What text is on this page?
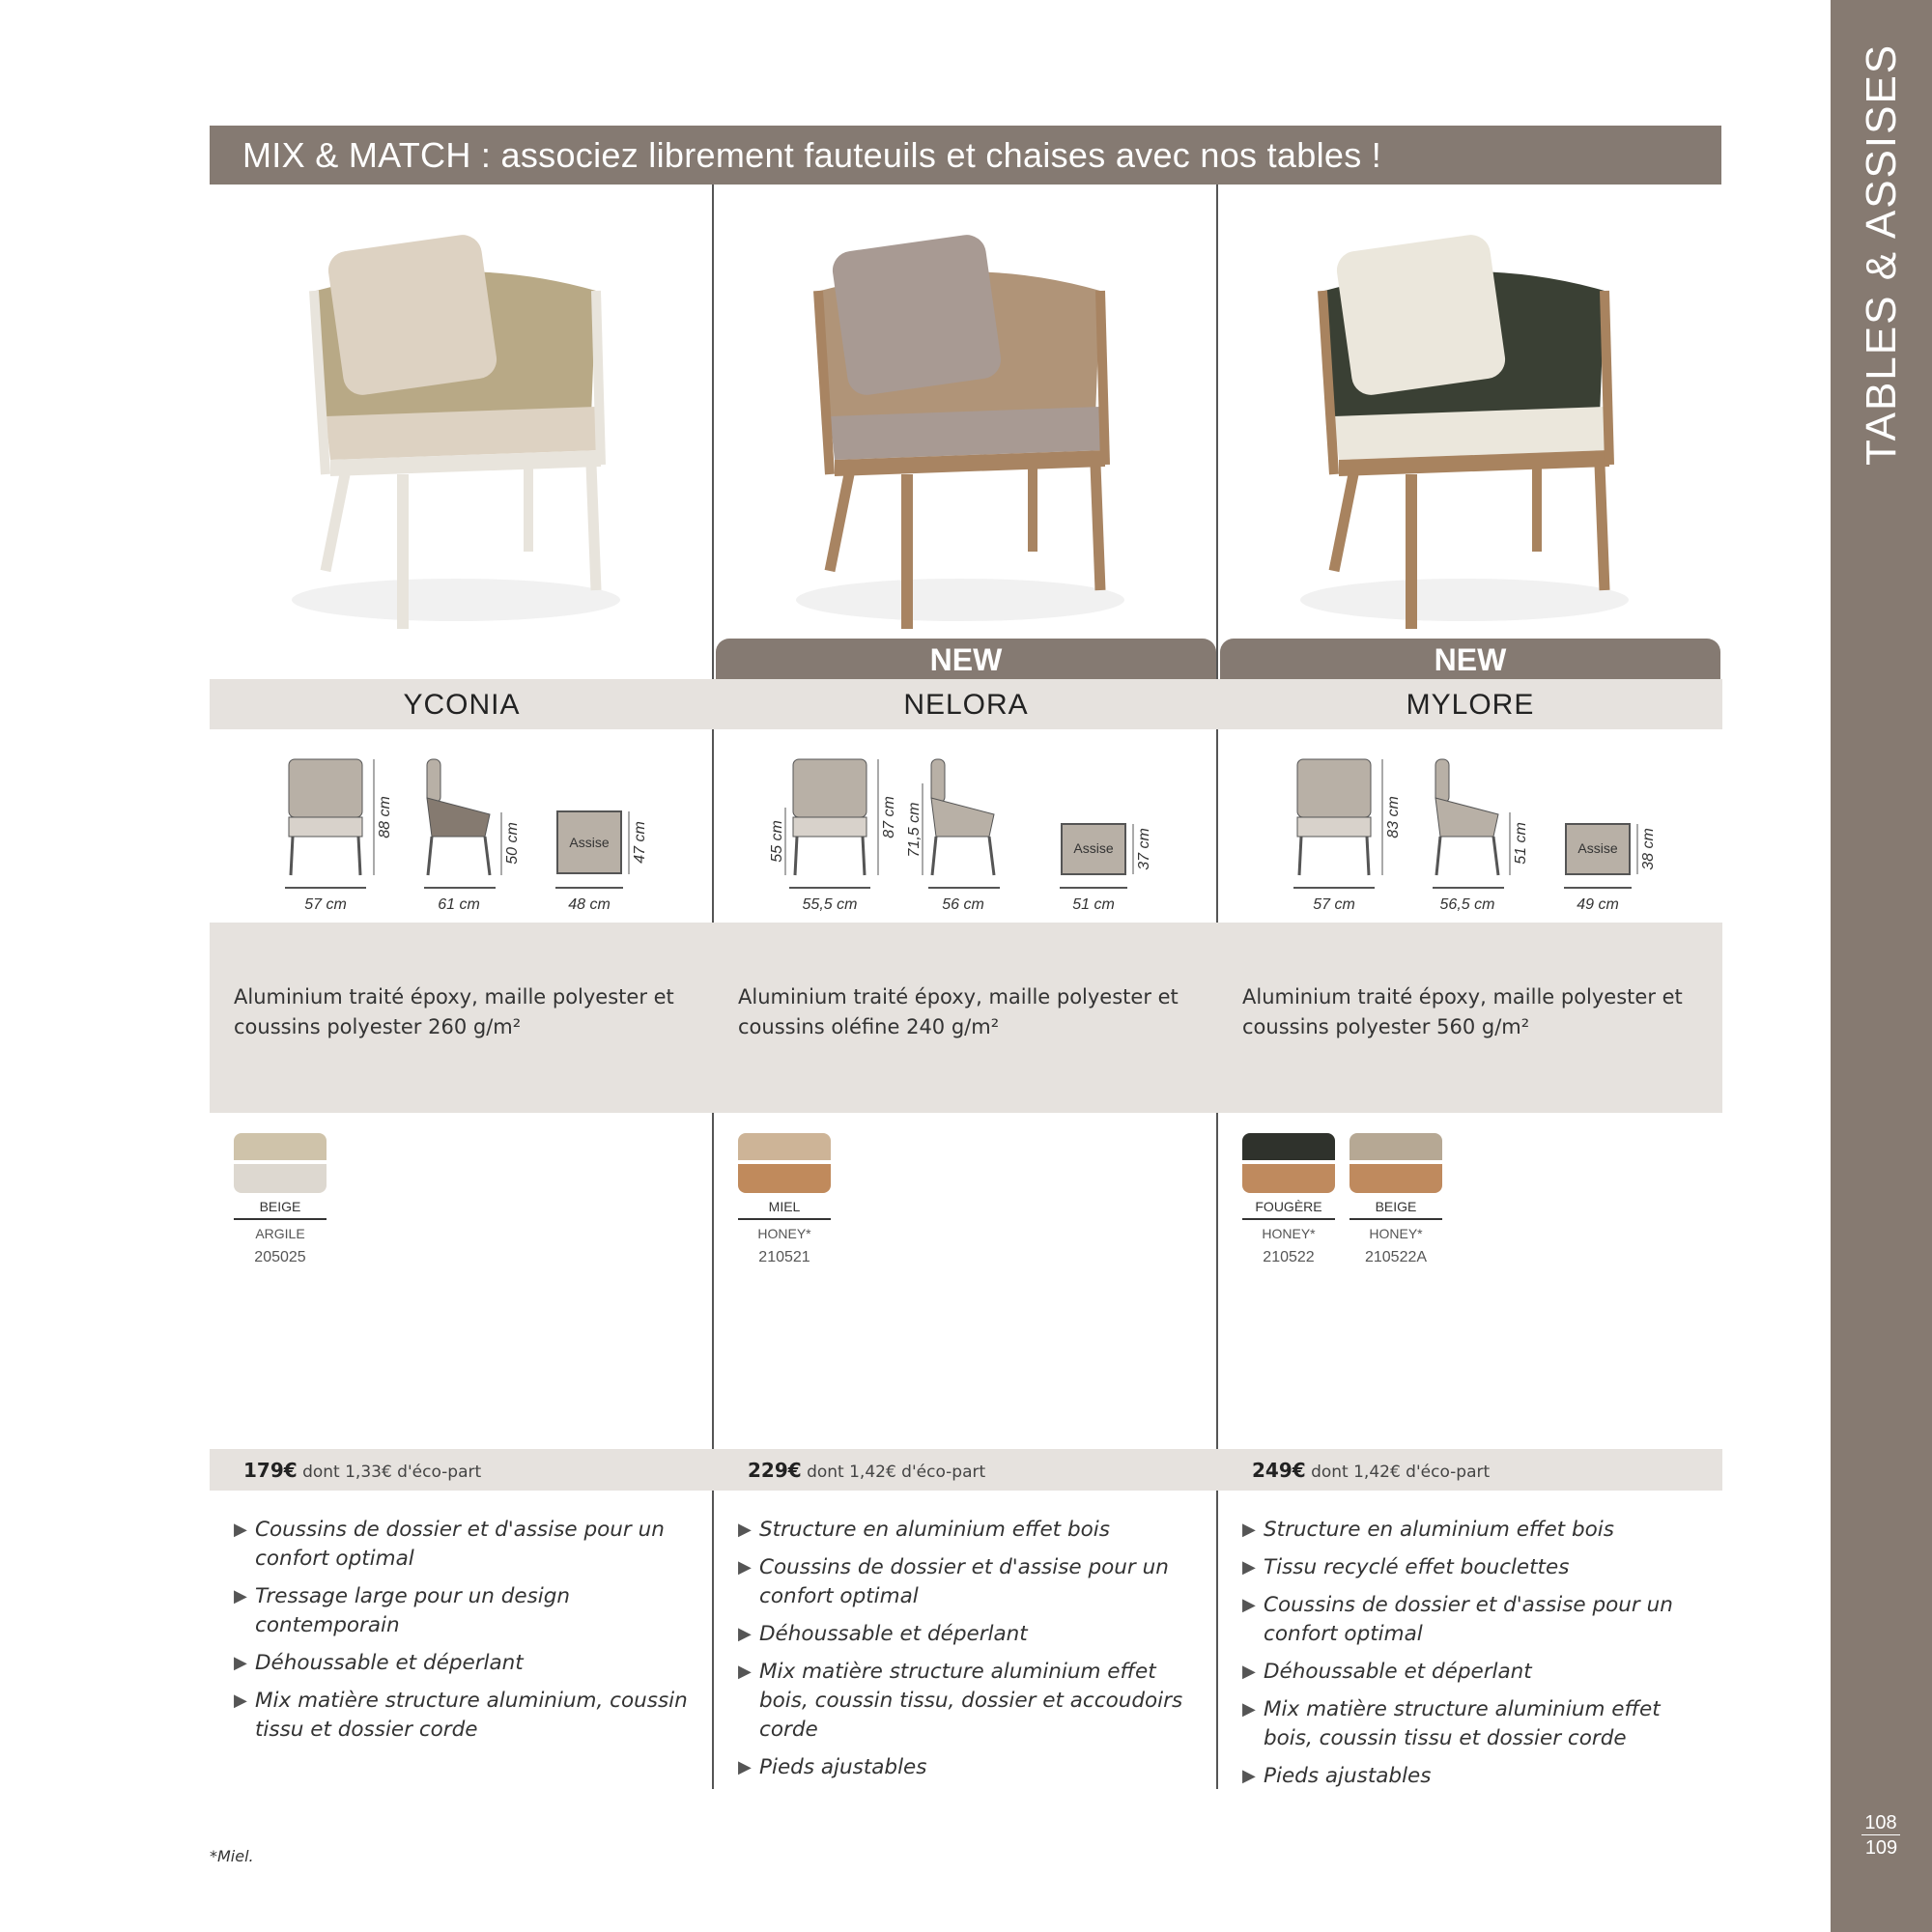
MIX & MATCH : associez librement fauteuils et chaises avec nos tables !	TABLES & ASSISES
108
109
YCONIA
57 cm
88 cm
61 cm
50 cm	Assise
48 cm
47 cm
Aluminium traité époxy, maille polyester et coussins polyester 260 g/m²
BEIGE
ARGILE
205025
179€ dont 1,33€ d'éco-part
▶ Coussins de dossier et d'assise pour un confort optimal
▶ Tressage large pour un design contemporain
▶ Déhoussable et déperlant
▶ Mix matière structure aluminium, coussin tissu et dossier corde
NEW
NELORA
55,5 cm
87 cm
55 cm
56 cm
71,5 cm	Assise
51 cm
37 cm
Aluminium traité époxy, maille polyester et coussins oléfine 240 g/m²
MIEL
HONEY*
210521
229€ dont 1,42€ d'éco-part
▶ Structure en aluminium effet bois
▶ Coussins de dossier et d'assise pour un confort optimal
▶ Déhoussable et déperlant
▶ Mix matière structure aluminium effet bois, coussin tissu, dossier et accoudoirs corde
▶ Pieds ajustables
NEW
MYLORE
57 cm
83 cm
56,5 cm
51 cm	Assise
49 cm
38 cm
Aluminium traité époxy, maille polyester et coussins polyester 560 g/m²
FOUGÈRE
HONEY*
210522
BEIGE
HONEY*
210522A
249€ dont 1,42€ d'éco-part
▶ Structure en aluminium effet bois
▶ Tissu recyclé effet bouclettes
▶ Coussins de dossier et d'assise pour un confort optimal
▶ Déhoussable et déperlant
▶ Mix matière structure aluminium effet bois, coussin tissu et dossier corde
▶ Pieds ajustables
*Miel.
